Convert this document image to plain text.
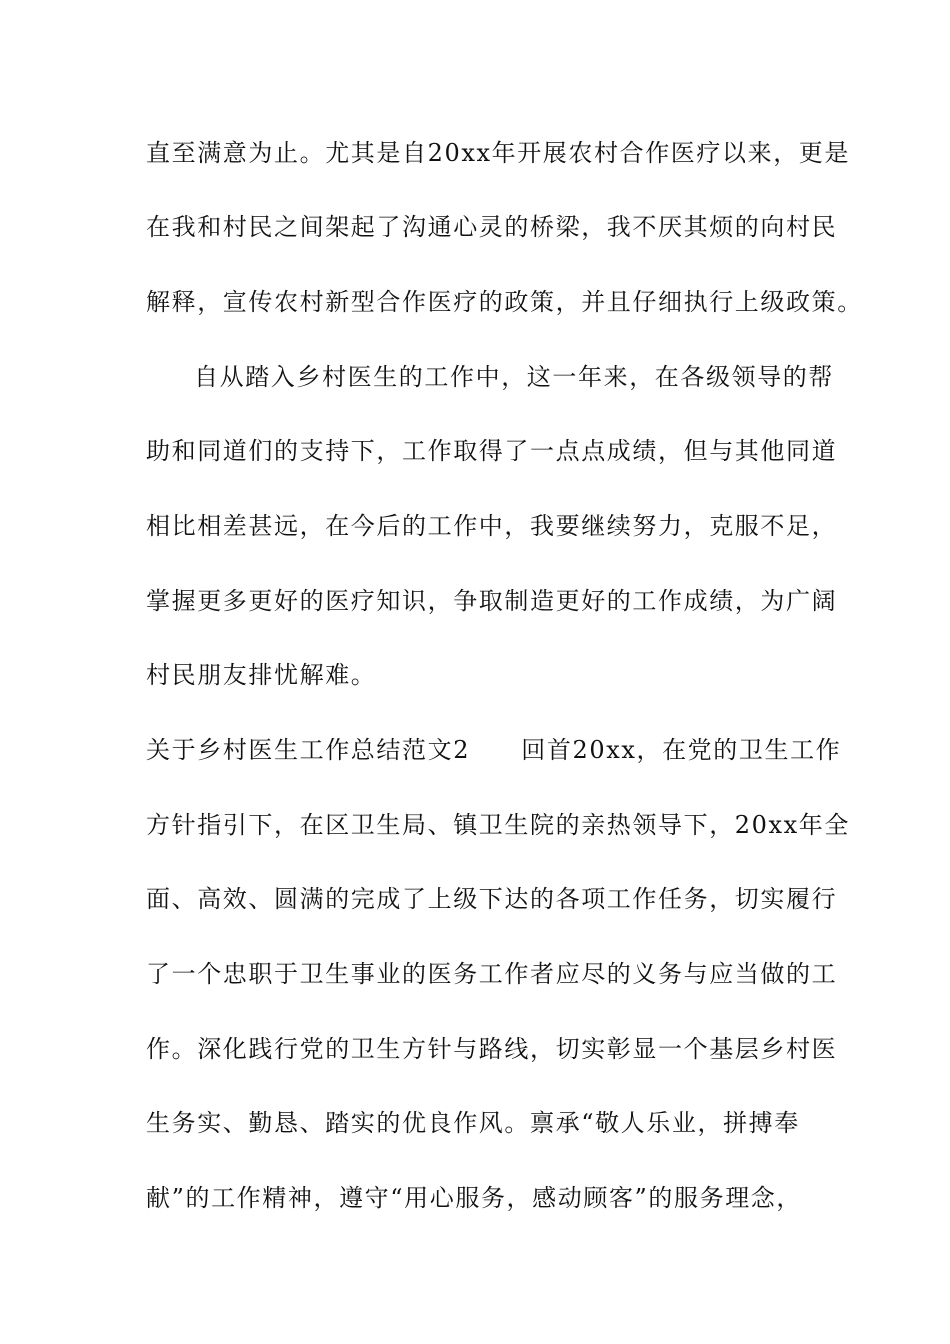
直至满意为止。尤其是自20xx年开展农村合作医疗以来，更是
在我和村民之间架起了沟通心灵的桥梁，我不厌其烦的向村民
解释，宣传农村新型合作医疗的政策，并且仔细执行上级政策。
自从踏入乡村医生的工作中，这一年来，在各级领导的帮
助和同道们的支持下，工作取得了一点点成绩，但与其他同道
相比相差甚远，在今后的工作中，我要继续努力，克服不足，
掌握更多更好的医疗知识，争取制造更好的工作成绩，为广阔
村民朋友排忧解难。
关于乡村医生工作总结范文2　　回首20xx，在党的卫生工作
方针指引下，在区卫生局、镇卫生院的亲热领导下，20xx年全
面、高效、圆满的完成了上级下达的各项工作任务，切实履行
了一个忠职于卫生事业的医务工作者应尽的义务与应当做的工
作。深化践行党的卫生方针与路线，切实彰显一个基层乡村医
生务实、勤恳、踏实的优良作风。禀承“敬人乐业，拼搏奉
献”的工作精神，遵守“用心服务，感动顾客”的服务理念，
